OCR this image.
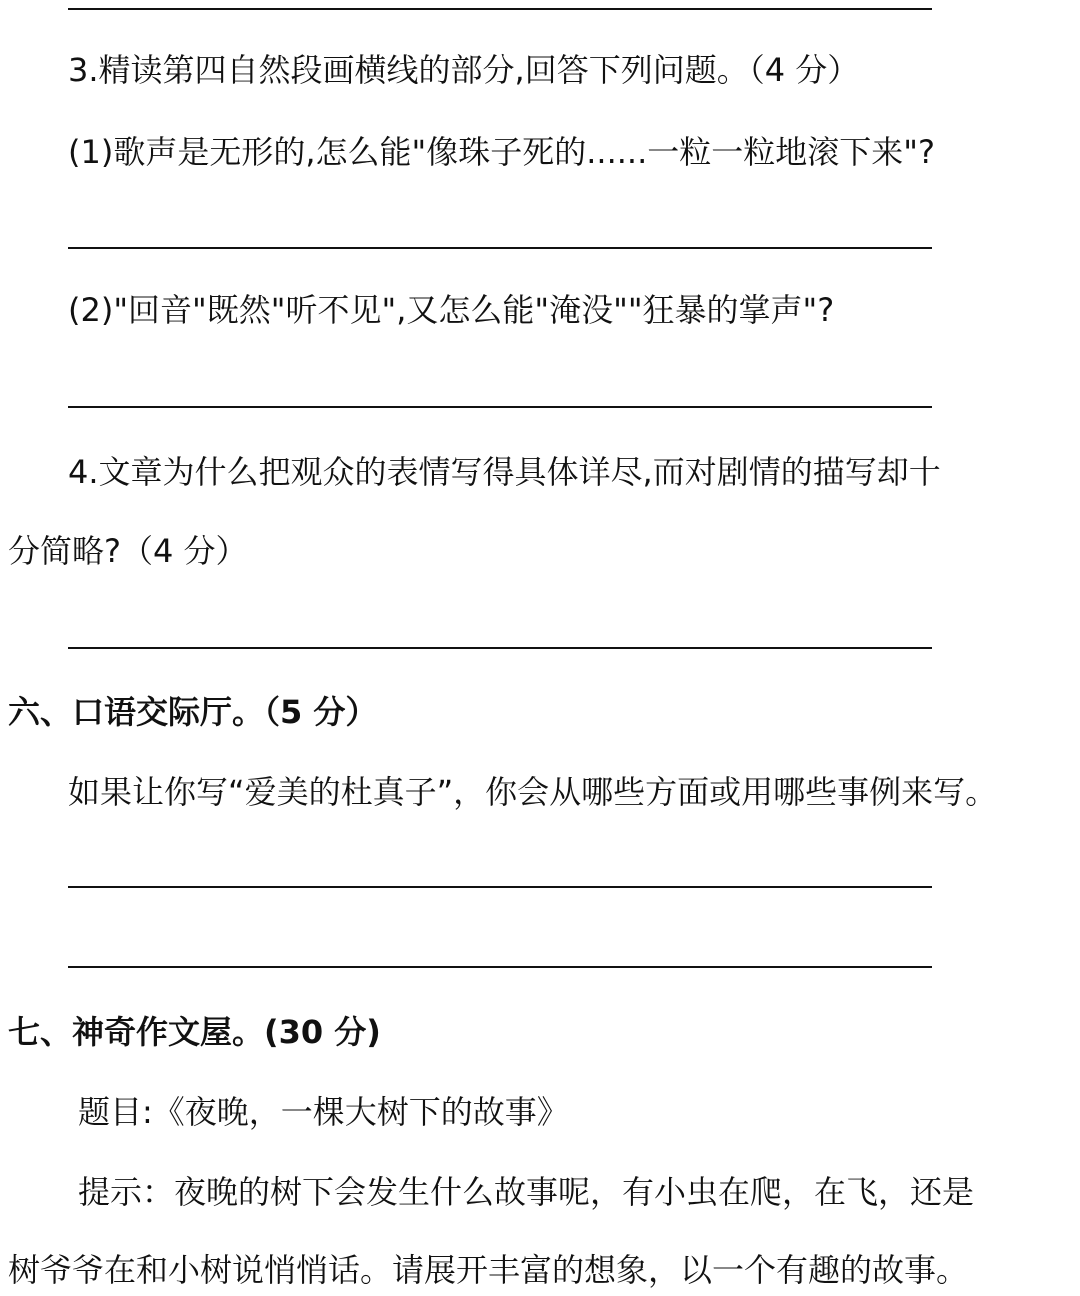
3.精读第四自然段画横线的部分,回答下列问题。（4 分）
(1)歌声是无形的,怎么能"像珠子死的......一粒一粒地滚下来"?
(2)"回音"既然"听不见",又怎么能"淹没""狂暴的掌声"?
4.文章为什么把观众的表情写得具体详尽,而对剧情的描写却十
分简略?（4 分）
六、口语交际厅。（5 分）
如果让你写“爱美的杜真子”，你会从哪些方面或用哪些事例来写。
七、神奇作文屋。(30 分)
题目:《夜晚，一棵大树下的故事》
提示：夜晚的树下会发生什么故事呢，有小虫在爬，在飞，还是
树爷爷在和小树说悄悄话。请展开丰富的想象，以一个有趣的故事。
